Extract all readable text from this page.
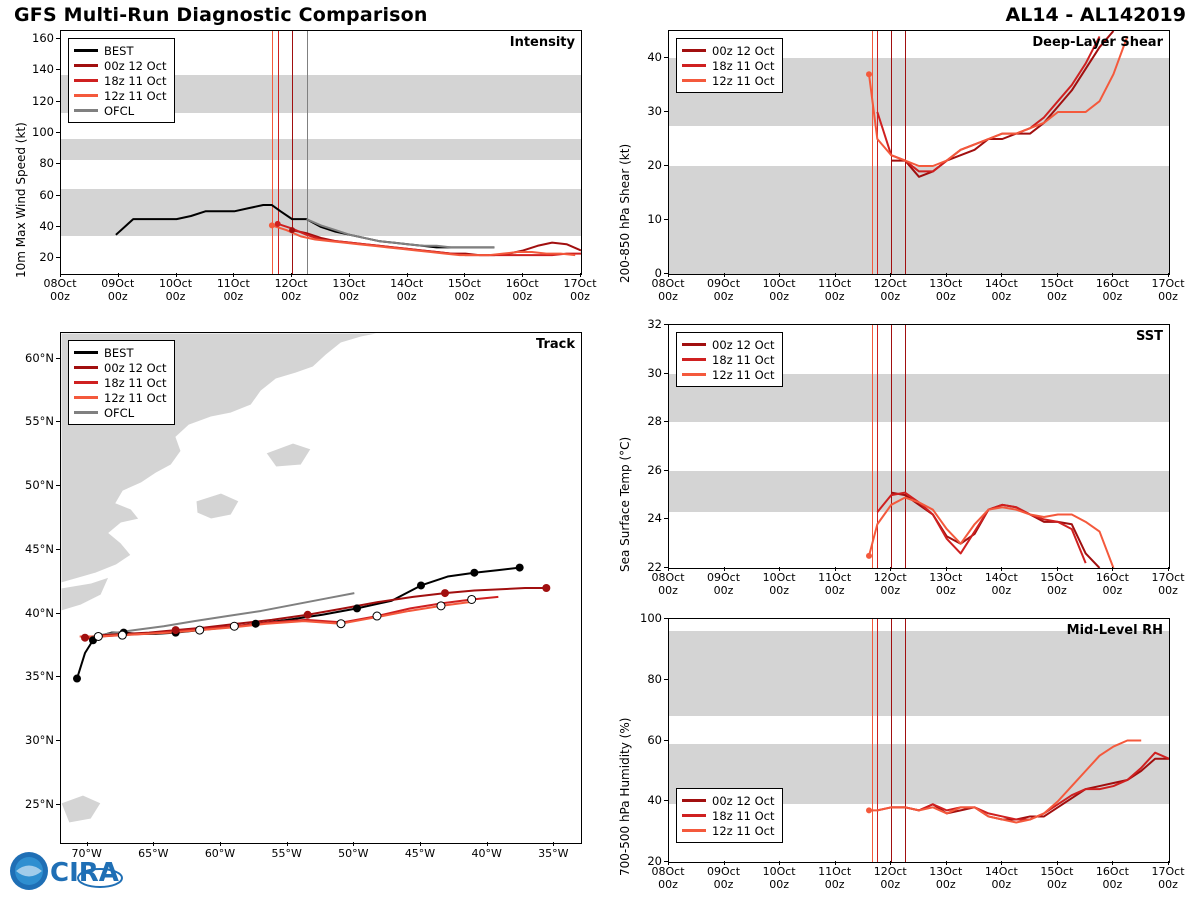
GFS Multi-Run Diagnostic Comparison	AL14 - AL142019
10m Max Wind Speed (kt) 20
40
60
80
100
120
140
160	Intensity
BEST
00z 12 Oct
18z 11 Oct
12z 11 Oct
OFCL
08Oct
00z
09Oct
00z
10Oct
00z
11Oct
00z
12Oct
00z
13Oct
00z
14Oct
00z
15Oct
00z
16Oct
00z
17Oct
00z
25°N
30°N
35°N
40°N
45°N
50°N
55°N
60°N
Track
BEST
00z 12 Oct
18z 11 Oct
12z 11 Oct
OFCL
70°W	65°W	60°W	55°W	50°W	45°W	40°W	35°W
200-850 hPa Shear (kt)	0
10
20
30
40
Deep-Layer Shear
00z 12 Oct
18z 11 Oct
12z 11 Oct
08Oct
00z
09Oct
00z
10Oct
00z
11Oct
00z
12Oct
00z
13Oct
00z
14Oct
00z
15Oct
00z
16Oct
00z
17Oct
00z
Sea Surface Temp (°C)	22
24
26
28
30
32
SST
00z 12 Oct
18z 11 Oct
12z 11 Oct
08Oct
00z
09Oct
00z
10Oct
00z
11Oct
00z
12Oct
00z
13Oct
00z
14Oct
00z
15Oct
00z
16Oct
00z
17Oct
00z
700-500 hPa Humidity (%)	20
40
60
80
100
Mid-Level RH
00z 12 Oct
18z 11 Oct
12z 11 Oct
08Oct
00z
09Oct
00z
10Oct
00z
11Oct
00z
12Oct
00z
13Oct
00z
14Oct
00z
15Oct
00z
16Oct
00z
17Oct
00z
CIRA
